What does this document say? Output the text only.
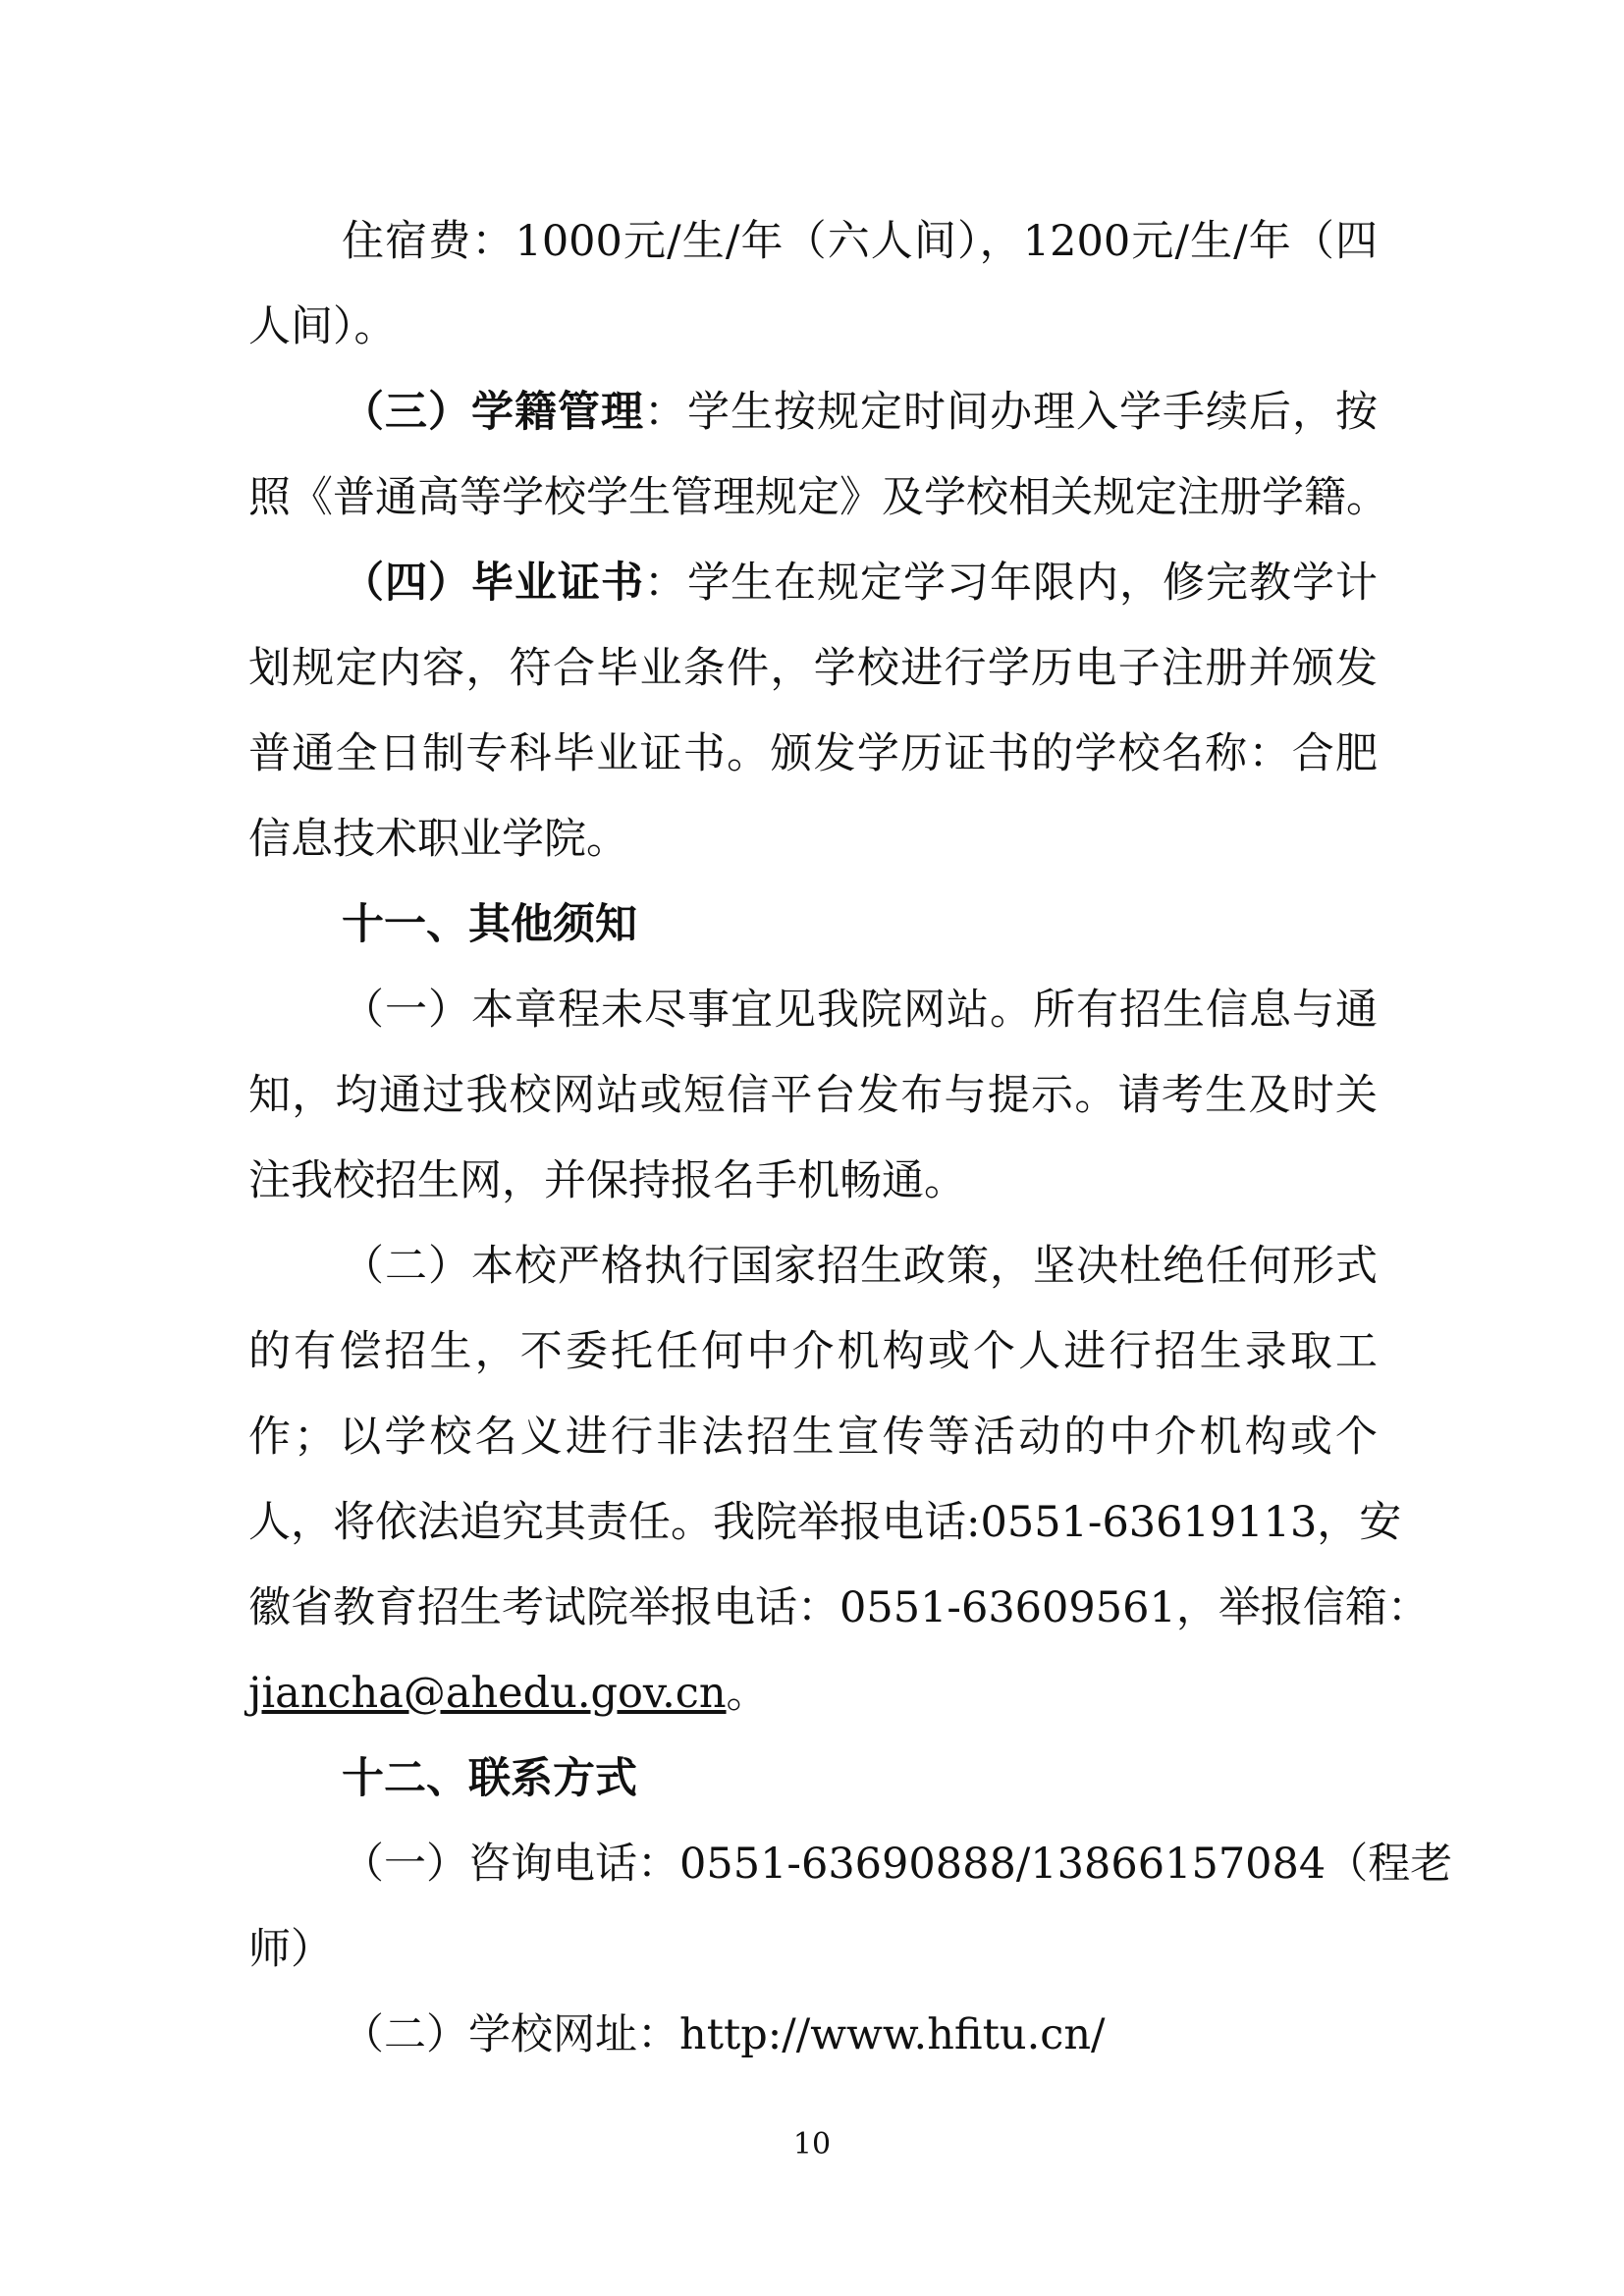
住宿费：1000元/生/年（六人间），1200元/生/年（四
人间）。
（三）学籍管理：学生按规定时间办理入学手续后，按
照《普通高等学校学生管理规定》及学校相关规定注册学籍。
（四）毕业证书：学生在规定学习年限内，修完教学计
划规定内容，符合毕业条件，学校进行学历电子注册并颁发
普通全日制专科毕业证书。颁发学历证书的学校名称：合肥
信息技术职业学院。
十一、其他须知
（一）本章程未尽事宜见我院网站。所有招生信息与通
知，均通过我校网站或短信平台发布与提示。请考生及时关
注我校招生网，并保持报名手机畅通。
（二）本校严格执行国家招生政策，坚决杜绝任何形式
的有偿招生，不委托任何中介机构或个人进行招生录取工
作；以学校名义进行非法招生宣传等活动的中介机构或个
人，将依法追究其责任。我院举报电话:0551-63619113，安
徽省教育招生考试院举报电话：0551-63609561，举报信箱：
jiancha@ahedu.gov.cn。
十二、联系方式
（一）咨询电话：0551-63690888/13866157084（程老
师）
（二）学校网址：http://www.hfitu.cn/
10
